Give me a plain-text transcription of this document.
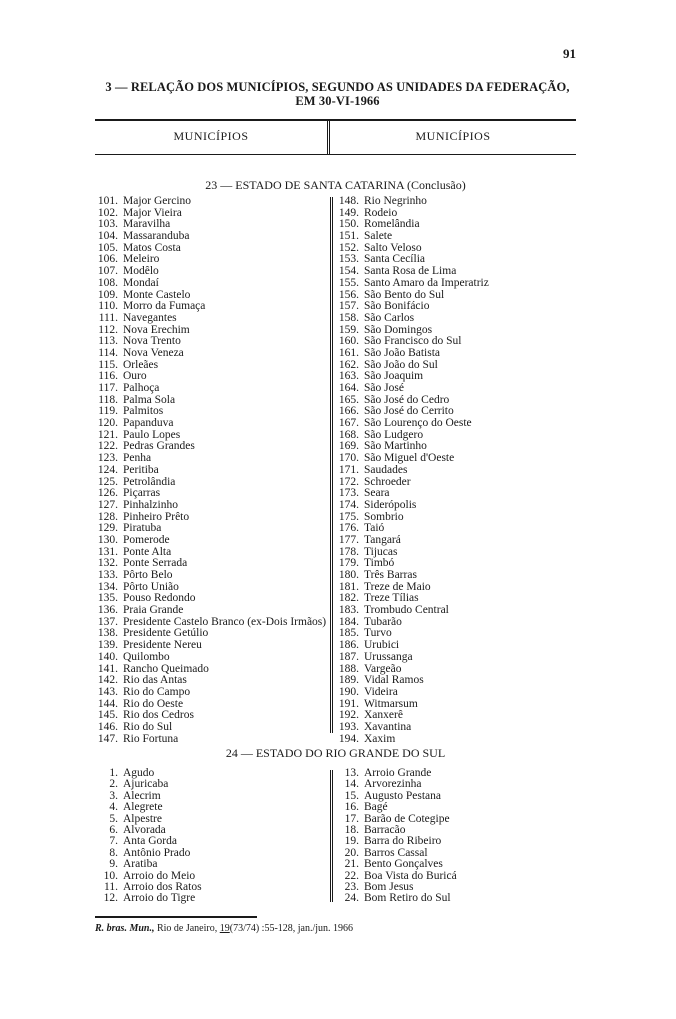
91
3 — RELAÇÃO DOS MUNICÍPIOS, SEGUNDO AS UNIDADES DA FEDERAÇÃO,
EM 30-VI-1966
MUNICÍPIOS	MUNICÍPIOS
23 — ESTADO DE SANTA CATARINA (Conclusão)
101. Major Gercino
102. Major Vieira
103. Maravilha
104. Massaranduba
105. Matos Costa
106. Meleiro
107. Modêlo
108. Mondaí
109. Monte Castelo
110. Morro da Fumaça
111. Navegantes
112. Nova Erechim
113. Nova Trento
114. Nova Veneza
115. Orleães
116. Ouro
117. Palhoça
118. Palma Sola
119. Palmitos
120. Papanduva
121. Paulo Lopes
122. Pedras Grandes
123. Penha
124. Peritiba
125. Petrolândia
126. Piçarras
127. Pinhalzinho
128. Pinheiro Prêto
129. Piratuba
130. Pomerode
131. Ponte Alta
132. Ponte Serrada
133. Pôrto Belo
134. Pôrto União
135. Pouso Redondo
136. Praia Grande
137. Presidente Castelo Branco (ex-Dois Irmãos)
138. Presidente Getúlio
139. Presidente Nereu
140. Quilombo
141. Rancho Queimado
142. Rio das Antas
143. Rio do Campo
144. Rio do Oeste
145. Rio dos Cedros
146. Rio do Sul
147. Rio Fortuna
148. Rio Negrinho
149. Rodeio
150. Romelândia
151. Salete
152. Salto Veloso
153. Santa Cecília
154. Santa Rosa de Lima
155. Santo Amaro da Imperatriz
156. São Bento do Sul
157. São Bonifácio
158. São Carlos
159. São Domingos
160. São Francisco do Sul
161. São João Batista
162. São João do Sul
163. São Joaquim
164. São José
165. São José do Cedro
166. São José do Cerrito
167. São Lourenço do Oeste
168. São Ludgero
169. São Martinho
170. São Miguel d'Oeste
171. Saudades
172. Schroeder
173. Seara
174. Siderópolis
175. Sombrio
176. Taió
177. Tangará
178. Tijucas
179. Timbó
180. Três Barras
181. Treze de Maio
182. Treze Tílias
183. Trombudo Central
184. Tubarão
185. Turvo
186. Urubici
187. Urussanga
188. Vargeão
189. Vidal Ramos
190. Videira
191. Witmarsum
192. Xanxerê
193. Xavantina
194. Xaxim
24 — ESTADO DO RIO GRANDE DO SUL
1. Agudo
2. Ajuricaba
3. Alecrim
4. Alegrete
5. Alpestre
6. Alvorada
7. Anta Gorda
8. Antônio Prado
9. Aratiba
10. Arroio do Meio
11. Arroio dos Ratos
12. Arroio do Tigre
13. Arroio Grande
14. Arvorezinha
15. Augusto Pestana
16. Bagé
17. Barão de Cotegipe
18. Barracão
19. Barra do Ribeiro
20. Barros Cassal
21. Bento Gonçalves
22. Boa Vista do Buricá
23. Bom Jesus
24. Bom Retiro do Sul
R. bras. Mun., Rio de Janeiro, 19(73/74) :55-128, jan./jun. 1966
